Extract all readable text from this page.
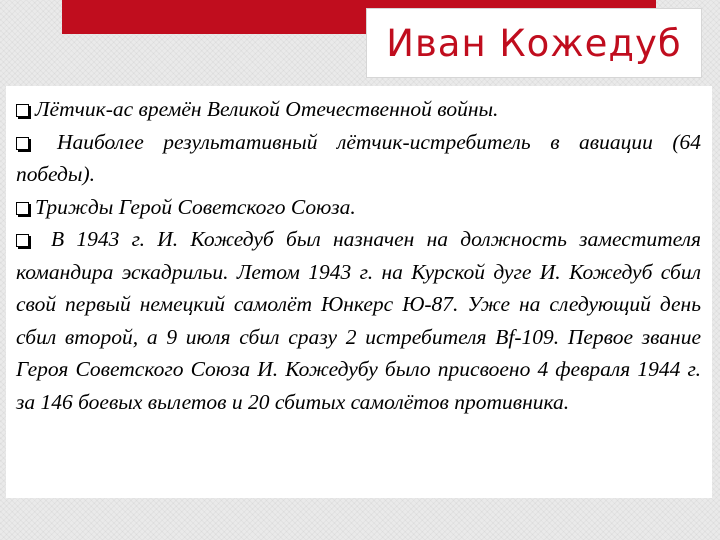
Иван Кожедуб

Лётчик-ас времён Великой Отечественной войны.

Наиболее результативный лётчик-истребитель в авиации (64 победы).

Трижды Герой Советского Союза.

В 1943 г. И. Кожедуб был назначен на должность заместителя командира эскадрильи. Летом 1943 г. на Курской дуге И. Кожедуб сбил свой первый немецкий самолёт Юнкерс Ю-87. Уже на следующий день сбил второй, а 9 июля сбил сразу 2 истребителя Bf-109. Первое звание Героя Советского Союза И. Кожедубу было присвоено 4 февраля 1944 г. за 146 боевых вылетов и 20 сбитых самолётов противника.
